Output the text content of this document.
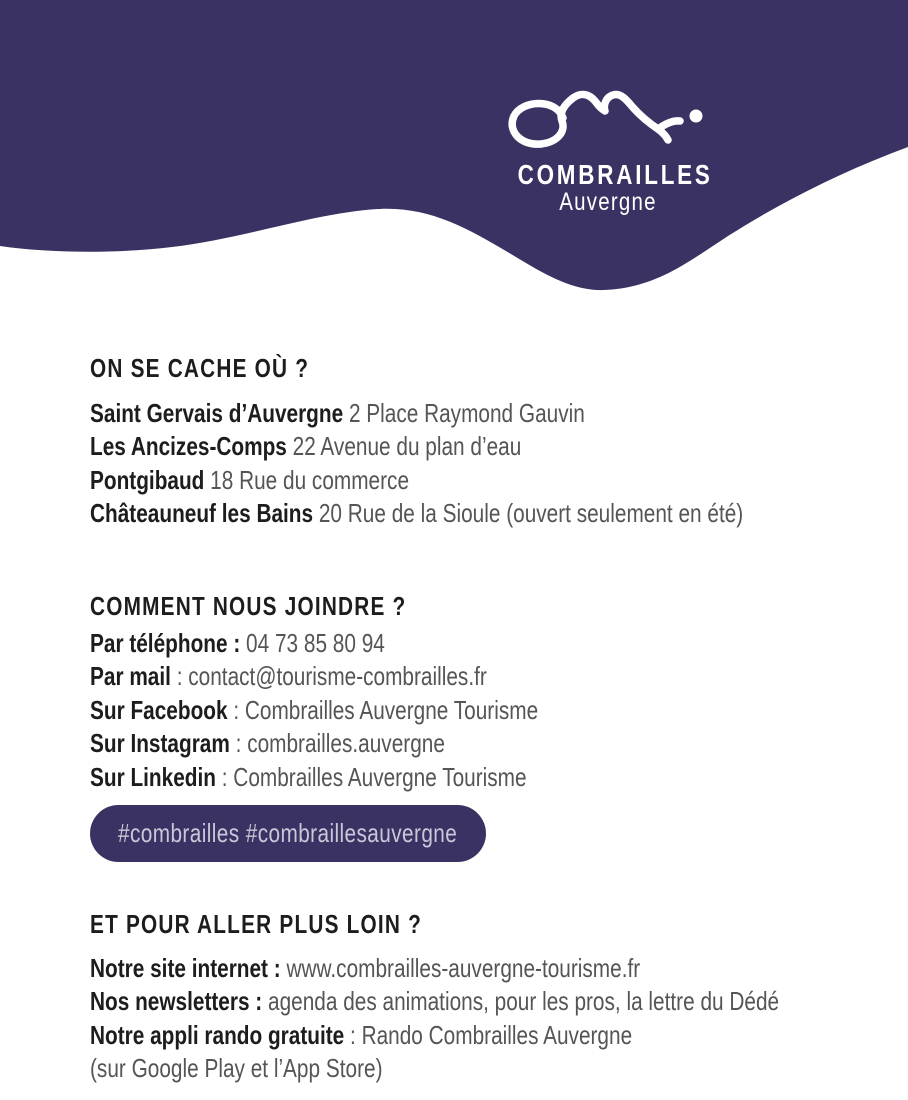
COMBRAILLES
Auvergne
ON SE CACHE OÙ ?
Saint Gervais d’Auvergne 2 Place Raymond Gauvin
Les Ancizes-Comps 22 Avenue du plan d’eau
Pontgibaud 18 Rue du commerce
Châteauneuf les Bains 20 Rue de la Sioule (ouvert seulement en été)
COMMENT NOUS JOINDRE ?
Par téléphone : 04 73 85 80 94
Par mail : contact@tourisme-combrailles.fr
Sur Facebook : Combrailles Auvergne Tourisme
Sur Instagram : combrailles.auvergne
Sur Linkedin : Combrailles Auvergne Tourisme
#combrailles #combraillesauvergne
ET POUR ALLER PLUS LOIN ?
Notre site internet : www.combrailles-auvergne-tourisme.fr
Nos newsletters : agenda des animations, pour les pros, la lettre du Dédé
Notre appli rando gratuite : Rando Combrailles Auvergne
(sur Google Play et l’App Store)
